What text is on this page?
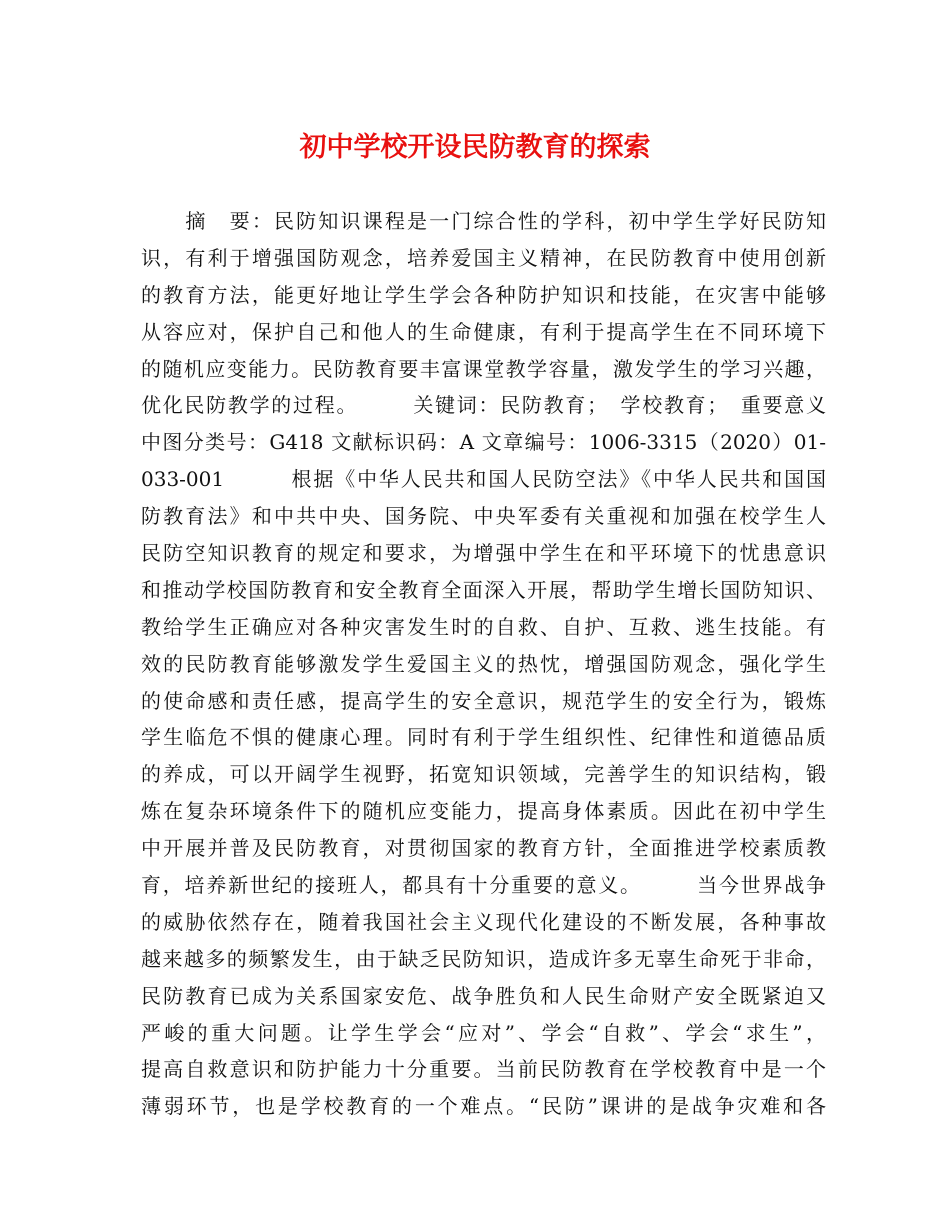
初中学校开设民防教育的探索
　　摘　要：民防知识课程是一门综合性的学科，初中学生学好民防知
识，有利于增强国防观念，培养爱国主义精神，在民防教育中使用创新
的教育方法，能更好地让学生学会各种防护知识和技能，在灾害中能够
从容应对，保护自己和他人的生命健康，有利于提高学生在不同环境下
的随机应变能力。民防教育要丰富课堂教学容量，激发学生的学习兴趣，
优化民防教学的过程。　　　关键词：民防教育；　学校教育；　重要意义
中图分类号：G418 文献标识码：A 文章编号：1006-3315（2020）01-
033-001　　　根据《中华人民共和国人民防空法》《中华人民共和国国
防教育法》和中共中央、国务院、中央军委有关重视和加强在校学生人
民防空知识教育的规定和要求，为增强中学生在和平环境下的忧患意识
和推动学校国防教育和安全教育全面深入开展，帮助学生增长国防知识、
教给学生正确应对各种灾害发生时的自救、自护、互救、逃生技能。有
效的民防教育能够激发学生爱国主义的热忱，增强国防观念，强化学生
的使命感和责任感，提高学生的安全意识，规范学生的安全行为，锻炼
学生临危不惧的健康心理。同时有利于学生组织性、纪律性和道德品质
的养成，可以开阔学生视野，拓宽知识领域，完善学生的知识结构，锻
炼在复杂环境条件下的随机应变能力，提高身体素质。因此在初中学生
中开展并普及民防教育，对贯彻国家的教育方针，全面推进学校素质教
育，培养新世纪的接班人，都具有十分重要的意义。　　　当今世界战争
的威胁依然存在，随着我国社会主义现代化建设的不断发展，各种事故
越来越多的频繁发生，由于缺乏民防知识，造成许多无辜生命死于非命，
民防教育已成为关系国家安危、战争胜负和人民生命财产安全既紧迫又
严峻的重大问题。让学生学会“应对”、学会“自救”、学会“求生”，
提高自救意识和防护能力十分重要。当前民防教育在学校教育中是一个
薄弱环节，也是学校教育的一个难点。“民防”课讲的是战争灾难和各
